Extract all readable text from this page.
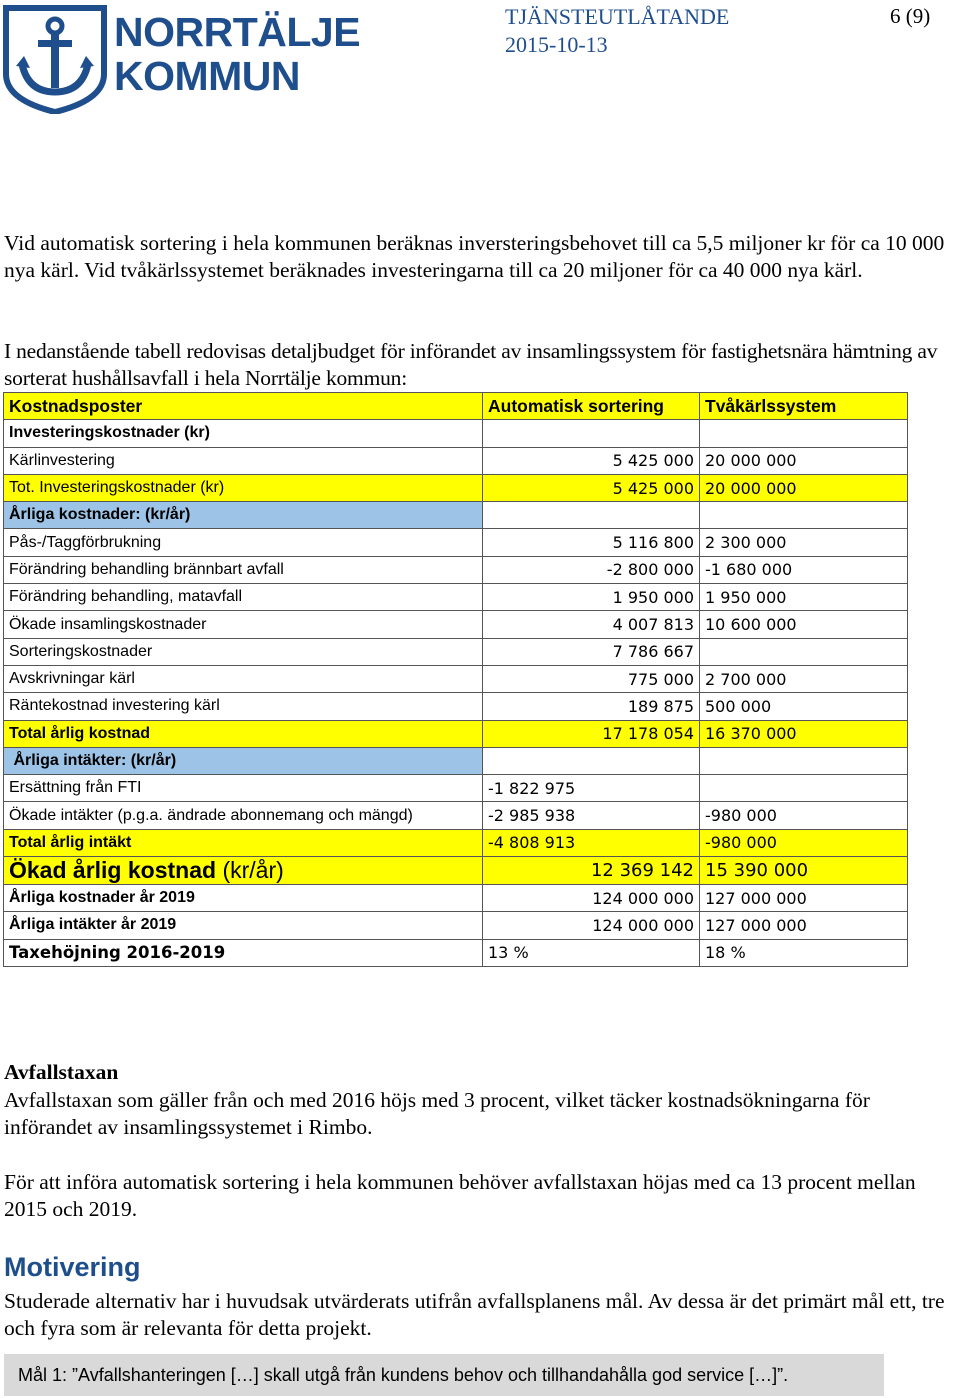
NORRTÄLJE
KOMMUN
TJÄNSTEUTLÅTANDE
2015-10-13
6 (9)
Vid automatisk sortering i hela kommunen beräknas inversteringsbehovet till ca 5,5 miljoner kr för ca 10 000 nya kärl. Vid tvåkärlssystemet beräknades investeringarna till ca 20 miljoner för ca 40 000 nya kärl.
I nedanstående tabell redovisas detaljbudget för införandet av insamlingssystem för fastighetsnära hämtning av sorterat hushållsavfall i hela Norrtälje kommun:
Kostnadsposter	Automatisk sortering	Tvåkärlssystem
Investeringskostnader (kr)		
Kärlinvestering	5 425 000	20 000 000
Tot. Investeringskostnader (kr)	5 425 000	20 000 000
Årliga kostnader: (kr/år)		
Pås-/Taggförbrukning	5 116 800	2 300 000
Förändring behandling brännbart avfall	-2 800 000	-1 680 000
Förändring behandling, matavfall	1 950 000	1 950 000
Ökade insamlingskostnader	4 007 813	10 600 000
Sorteringskostnader	7 786 667	
Avskrivningar kärl	775 000	2 700 000
Räntekostnad investering kärl	189 875	500 000
Total årlig kostnad	17 178 054	16 370 000
Årliga intäkter: (kr/år)		
Ersättning från FTI	-1 822 975	
Ökade intäkter (p.g.a. ändrade abonnemang och mängd)	-2 985 938	-980 000
Total årlig intäkt	-4 808 913	-980 000
Ökad årlig kostnad (kr/år)	12 369 142	15 390 000
Årliga kostnader år 2019	124 000 000	127 000 000
Årliga intäkter år 2019	124 000 000	127 000 000
Taxehöjning 2016-2019	13 %	18 %
Avfallstaxan
Avfallstaxan som gäller från och med 2016 höjs med 3 procent, vilket täcker kostnadsökningarna för införandet av insamlingssystemet i Rimbo.
För att införa automatisk sortering i hela kommunen behöver avfallstaxan höjas med ca 13 procent mellan 2015 och 2019.
Motivering
Studerade alternativ har i huvudsak utvärderats utifrån avfallsplanens mål. Av dessa är det primärt mål ett, tre och fyra som är relevanta för detta projekt.
Mål 1: ”Avfallshanteringen […] skall utgå från kundens behov och tillhandahålla god service […]”.
